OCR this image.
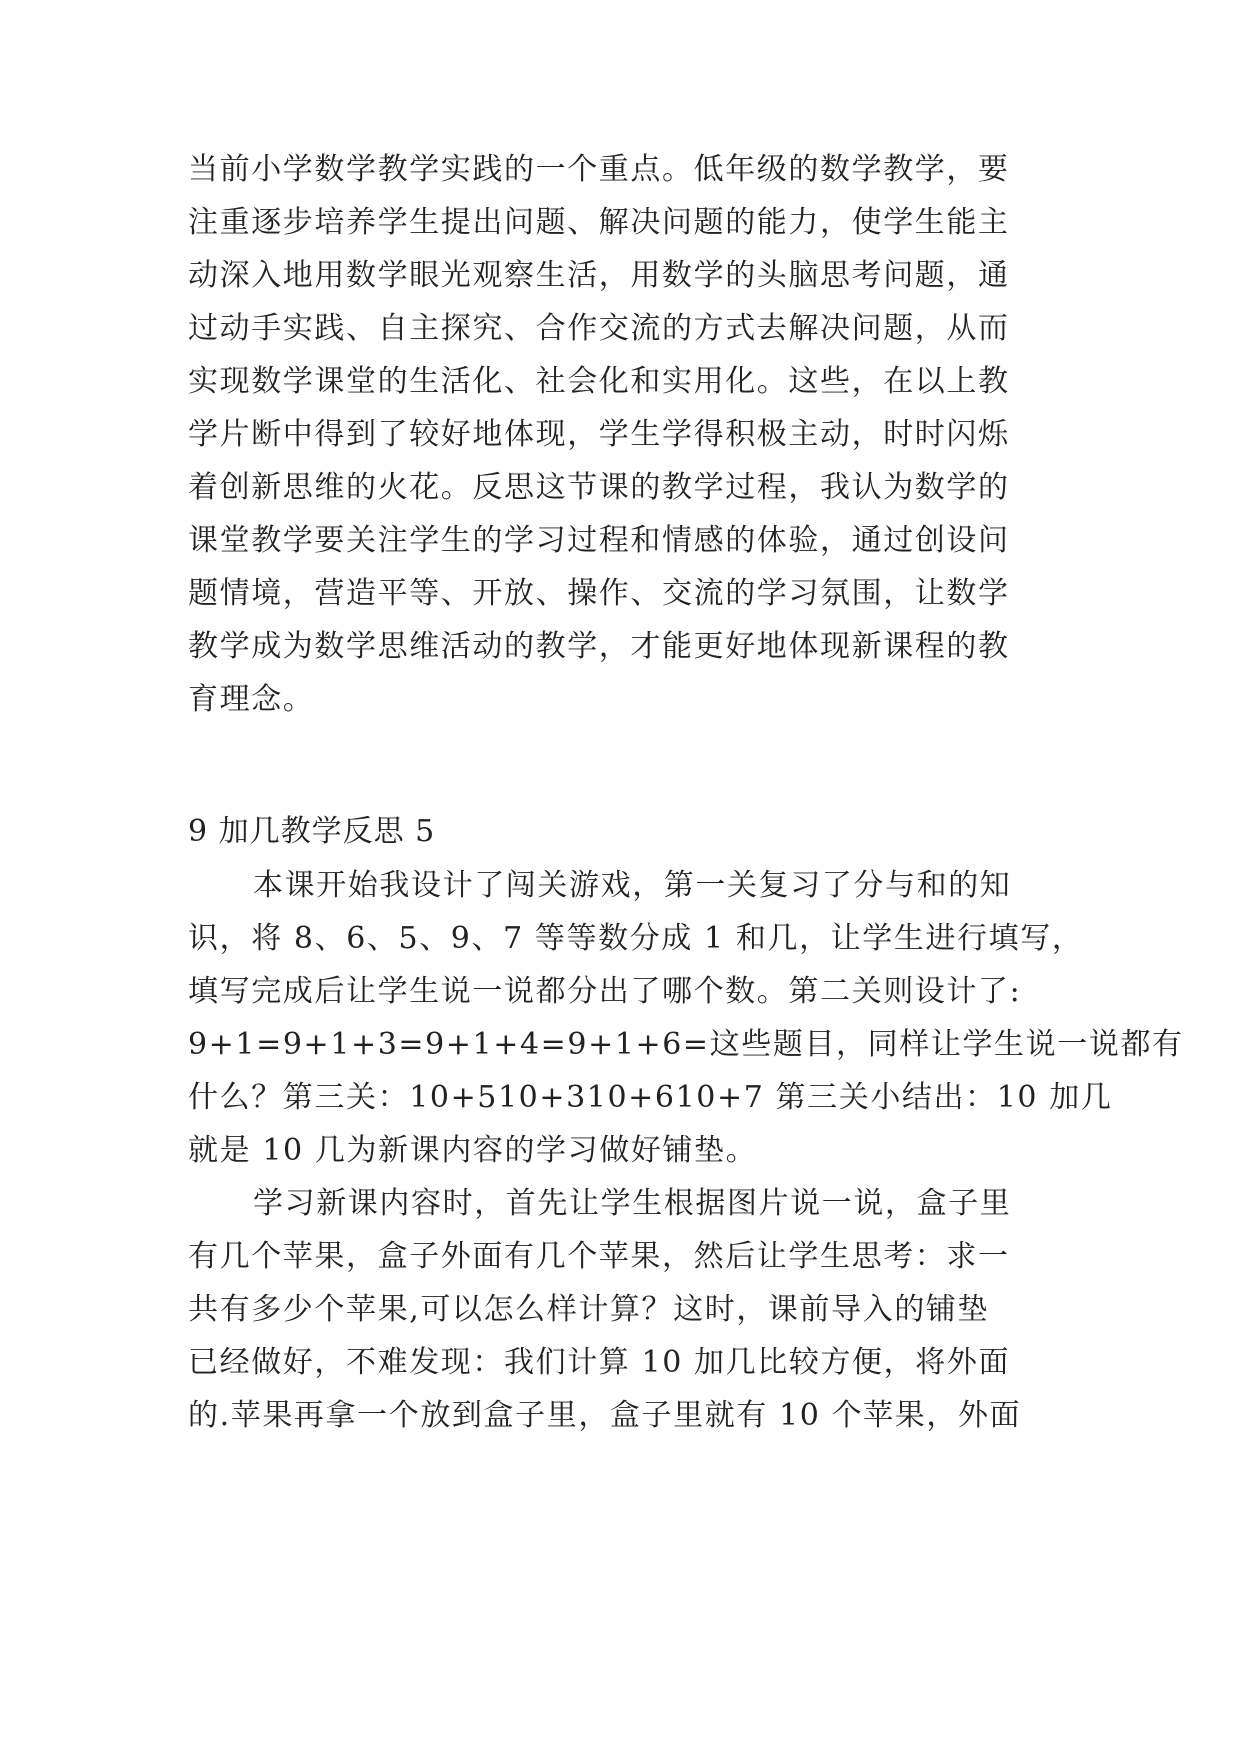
当前小学数学教学实践的一个重点。低年级的数学教学，要
注重逐步培养学生提出问题、解决问题的能力，使学生能主
动深入地用数学眼光观察生活，用数学的头脑思考问题，通
过动手实践、自主探究、合作交流的方式去解决问题，从而
实现数学课堂的生活化、社会化和实用化。这些，在以上教
学片断中得到了较好地体现，学生学得积极主动，时时闪烁
着创新思维的火花。反思这节课的教学过程，我认为数学的
课堂教学要关注学生的学习过程和情感的体验，通过创设问
题情境，营造平等、开放、操作、交流的学习氛围，让数学
教学成为数学思维活动的教学，才能更好地体现新课程的教
育理念。
9 加几教学反思 5
本课开始我设计了闯关游戏，第一关复习了分与和的知
识，将 8、6、5、9、7 等等数分成 1 和几，让学生进行填写，
填写完成后让学生说一说都分出了哪个数。第二关则设计了:
9+1=9+1+3=9+1+4=9+1+6=这些题目，同样让学生说一说都有
什么？第三关：10+510+310+610+7 第三关小结出：10 加几
就是 10 几为新课内容的学习做好铺垫。
学习新课内容时，首先让学生根据图片说一说，盒子里
有几个苹果，盒子外面有几个苹果，然后让学生思考：求一
共有多少个苹果,可以怎么样计算？这时，课前导入的铺垫
已经做好，不难发现：我们计算 10 加几比较方便，将外面
的.苹果再拿一个放到盒子里，盒子里就有 10 个苹果，外面
